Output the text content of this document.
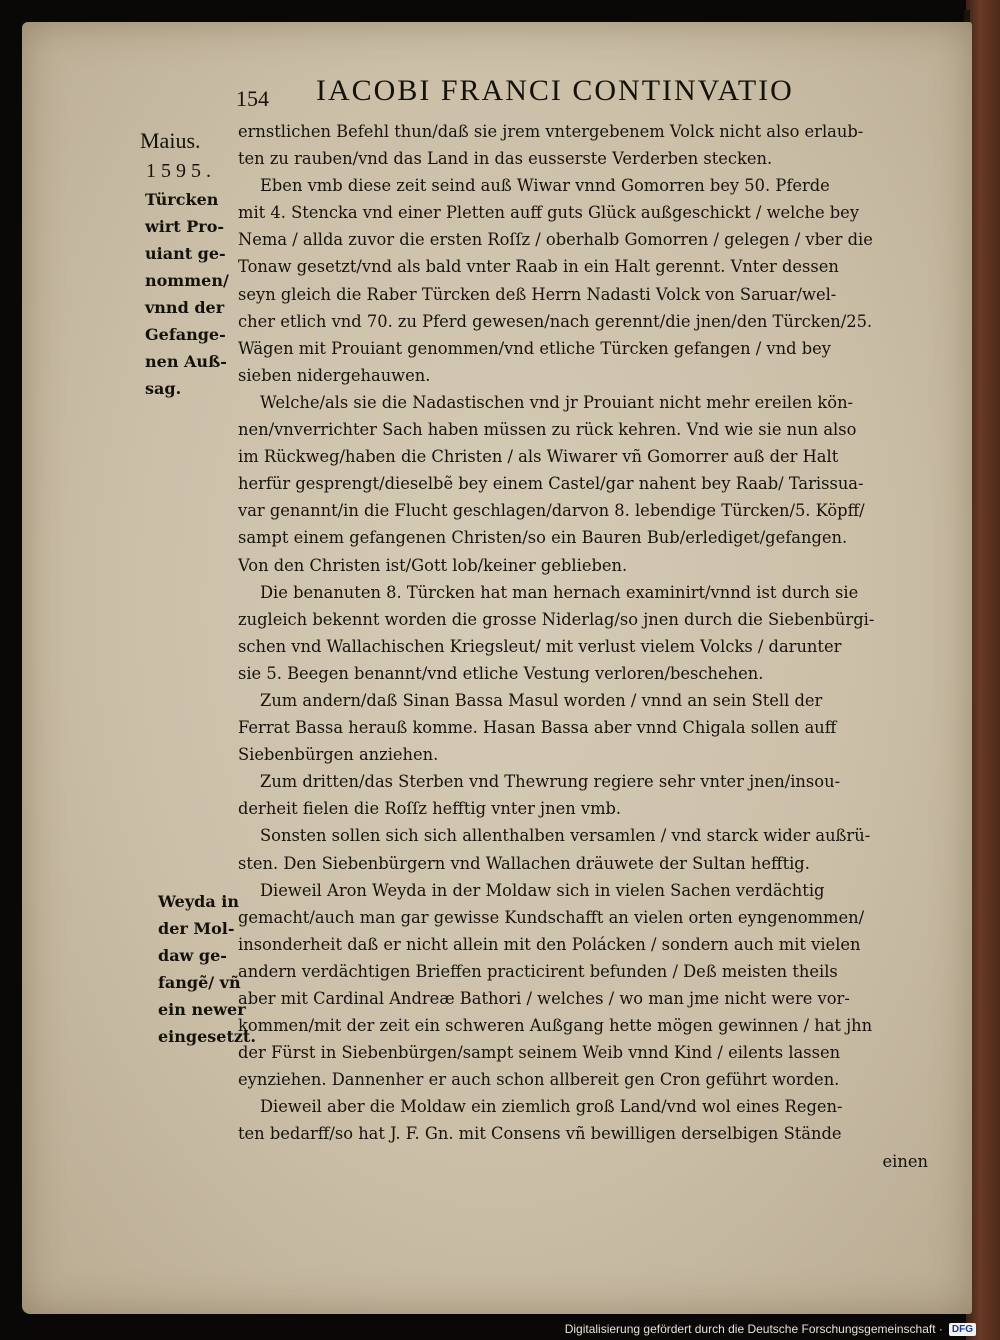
154 IACOBI FRANCI CONTINVATIO
Maius.
1595.
Türcken
wirt Pro-
uiant ge-
nommen/
vnnd der
Gefange-
nen Auß-
sag.
Weyda in
der Mol-
daw ge-
fangẽ/ vñ
ein newer
eingesetzt.
ernstlichen Befehl thun/daß sie jrem vntergebenem Volck nicht also erlaub-
ten zu rauben/vnd das Land in das eusserste Verderben stecken.
Eben vmb diese zeit seind auß Wiwar vnnd Gomorren bey 50. Pferde
mit 4. Stencka vnd einer Pletten auff guts Glück außgeschickt / welche bey
Nema / allda zuvor die ersten Roſſz / oberhalb Gomorren / gelegen / vber die
Tonaw gesetzt/vnd als bald vnter Raab in ein Halt gerennt. Vnter dessen
seyn gleich die Raber Türcken deß Herrn Nadasti Volck von Saruar/wel-
cher etlich vnd 70. zu Pferd gewesen/nach gerennt/die jnen/den Türcken/25.
Wägen mit Prouiant genommen/vnd etliche Türcken gefangen / vnd bey
sieben nidergehauwen.
Welche/als sie die Nadastischen vnd jr Prouiant nicht mehr ereilen kön-
nen/vnverrichter Sach haben müssen zu rück kehren. Vnd wie sie nun also
im Rückweg/haben die Christen / als Wiwarer vñ Gomorrer auß der Halt
herfür gesprengt/dieselbẽ bey einem Castel/gar nahent bey Raab/ Tarissua-
var genannt/in die Flucht geschlagen/darvon 8. lebendige Türcken/5. Köpff/
sampt einem gefangenen Christen/so ein Bauren Bub/erlediget/gefangen.
Von den Christen ist/Gott lob/keiner geblieben.
Die benanuten 8. Türcken hat man hernach examinirt/vnnd ist durch sie
zugleich bekennt worden die grosse Niderlag/so jnen durch die Siebenbürgi-
schen vnd Wallachischen Kriegsleut/ mit verlust vielem Volcks / darunter
sie 5. Beegen benannt/vnd etliche Vestung verloren/beschehen.
Zum andern/daß Sinan Bassa Masul worden / vnnd an sein Stell der
Ferrat Bassa herauß komme. Hasan Bassa aber vnnd Chigala sollen auff
Siebenbürgen anziehen.
Zum dritten/das Sterben vnd Thewrung regiere sehr vnter jnen/insou-
derheit fielen die Roſſz hefftig vnter jnen vmb.
Sonsten sollen sich sich allenthalben versamlen / vnd starck wider außrü-
sten. Den Siebenbürgern vnd Wallachen dräuwete der Sultan hefftig.
Dieweil Aron Weyda in der Moldaw sich in vielen Sachen verdächtig
gemacht/auch man gar gewisse Kundschafft an vielen orten eyngenommen/
insonderheit daß er nicht allein mit den Polácken / sondern auch mit vielen
andern verdächtigen Brieffen practicirent befunden / Deß meisten theils
aber mit Cardinal Andreæ Bathori / welches / wo man jme nicht were vor-
kommen/mit der zeit ein schweren Außgang hette mögen gewinnen / hat jhn
der Fürst in Siebenbürgen/sampt seinem Weib vnnd Kind / eilents lassen
eynziehen. Dannenher er auch schon allbereit gen Cron geführt worden.
Dieweil aber die Moldaw ein ziemlich groß Land/vnd wol eines Regen-
ten bedarff/so hat J. F. Gn. mit Consens vñ bewilligen derselbigen Stände
einen
Digitalisierung gefördert durch die Deutsche Forschungsgemeinschaft · DFG
